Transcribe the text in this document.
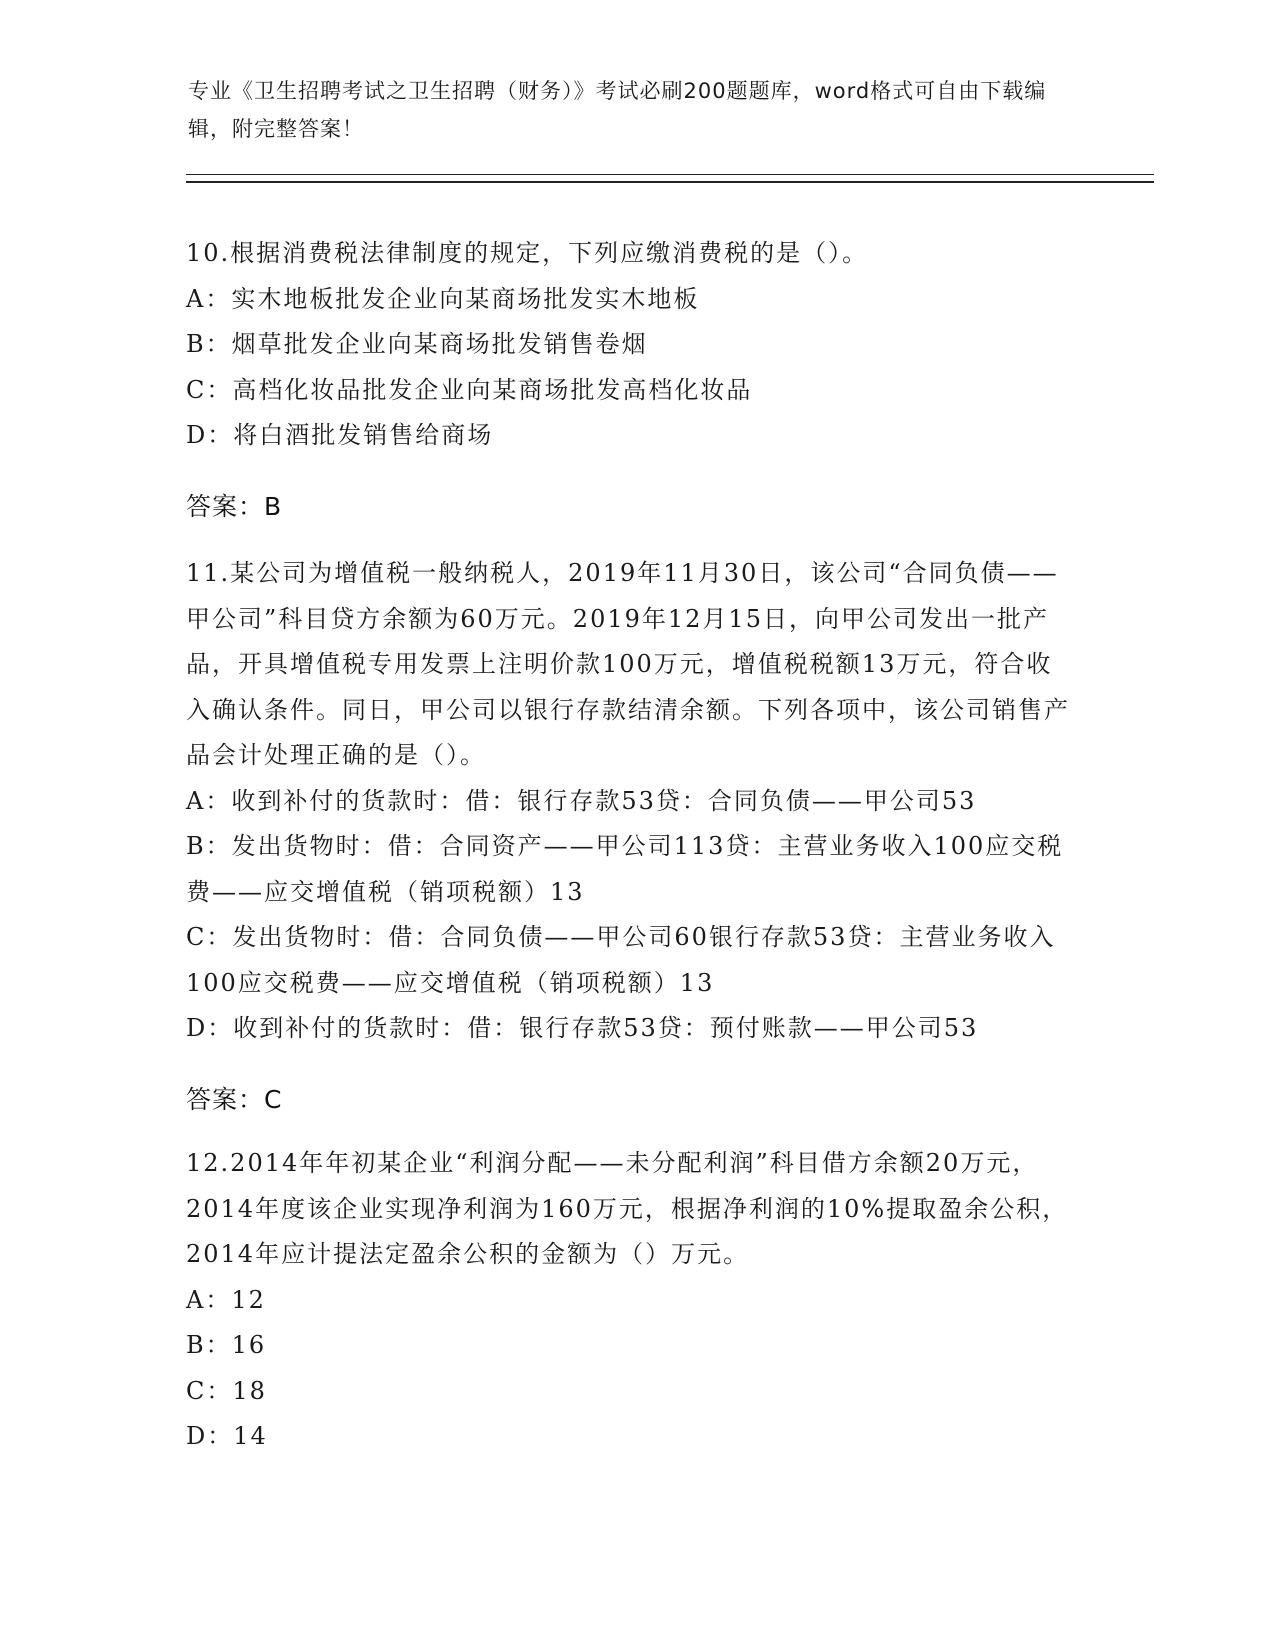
专业《卫生招聘考试之卫生招聘（财务）》考试必刷200题题库，word格式可自由下载编辑，附完整答案！

10.根据消费税法律制度的规定，下列应缴消费税的是（）。

A：实木地板批发企业向某商场批发实木地板

B：烟草批发企业向某商场批发销售卷烟

C：高档化妆品批发企业向某商场批发高档化妆品

D：将白酒批发销售给商场

答案：B

11.某公司为增值税一般纳税人，2019年11月30日，该公司“合同负债——甲公司”科目贷方余额为60万元。2019年12月15日，向甲公司发出一批产品，开具增值税专用发票上注明价款100万元，增值税税额13万元，符合收入确认条件。同日，甲公司以银行存款结清余额。下列各项中，该公司销售产品会计处理正确的是（）。

A：收到补付的货款时：借：银行存款53贷：合同负债——甲公司53

B：发出货物时：借：合同资产——甲公司113贷：主营业务收入100应交税费——应交增值税（销项税额）13

C：发出货物时：借：合同负债——甲公司60银行存款53贷：主营业务收入100应交税费——应交增值税（销项税额）13

D：收到补付的货款时：借：银行存款53贷：预付账款——甲公司53

答案：C

12.2014年年初某企业“利润分配——未分配利润”科目借方余额20万元，2014年度该企业实现净利润为160万元，根据净利润的10%提取盈余公积，2014年应计提法定盈余公积的金额为（）万元。

A：12

B：16

C：18

D：14
